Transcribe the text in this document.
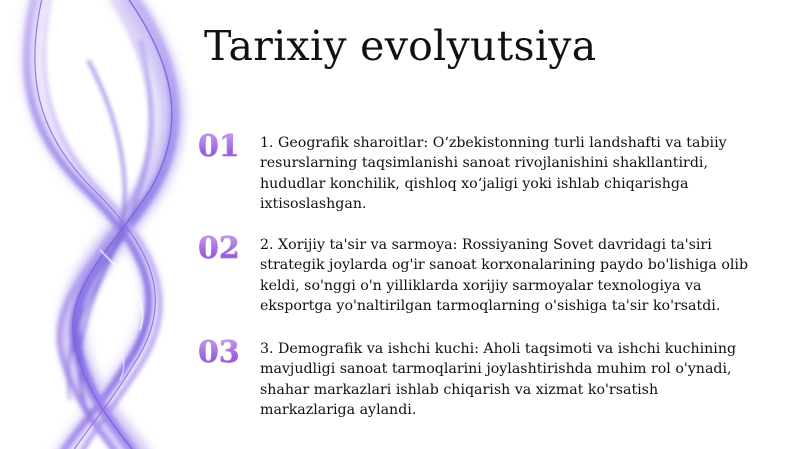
Tarixiy evolyutsiya
01	1. Geografik sharoitlar: O‘zbekistonning turli landshafti va tabiiy resurslarning taqsimlanishi sanoat rivojlanishini shakllantirdi, hududlar konchilik, qishloq xo‘jaligi yoki ishlab chiqarishga ixtisoslashgan.

02	2. Xorijiy ta'sir va sarmoya: Rossiyaning Sovet davridagi ta'siri strategik joylarda og'ir sanoat korxonalarining paydo bo'lishiga olib keldi, so'nggi o'n yilliklarda xorijiy sarmoyalar texnologiya va eksportga yo'naltirilgan tarmoqlarning o'sishiga ta'sir ko'rsatdi.

03	3. Demografik va ishchi kuchi: Aholi taqsimoti va ishchi kuchining mavjudligi sanoat tarmoqlarini joylashtirishda muhim rol o'ynadi, shahar markazlari ishlab chiqarish va xizmat ko'rsatish markazlariga aylandi.
